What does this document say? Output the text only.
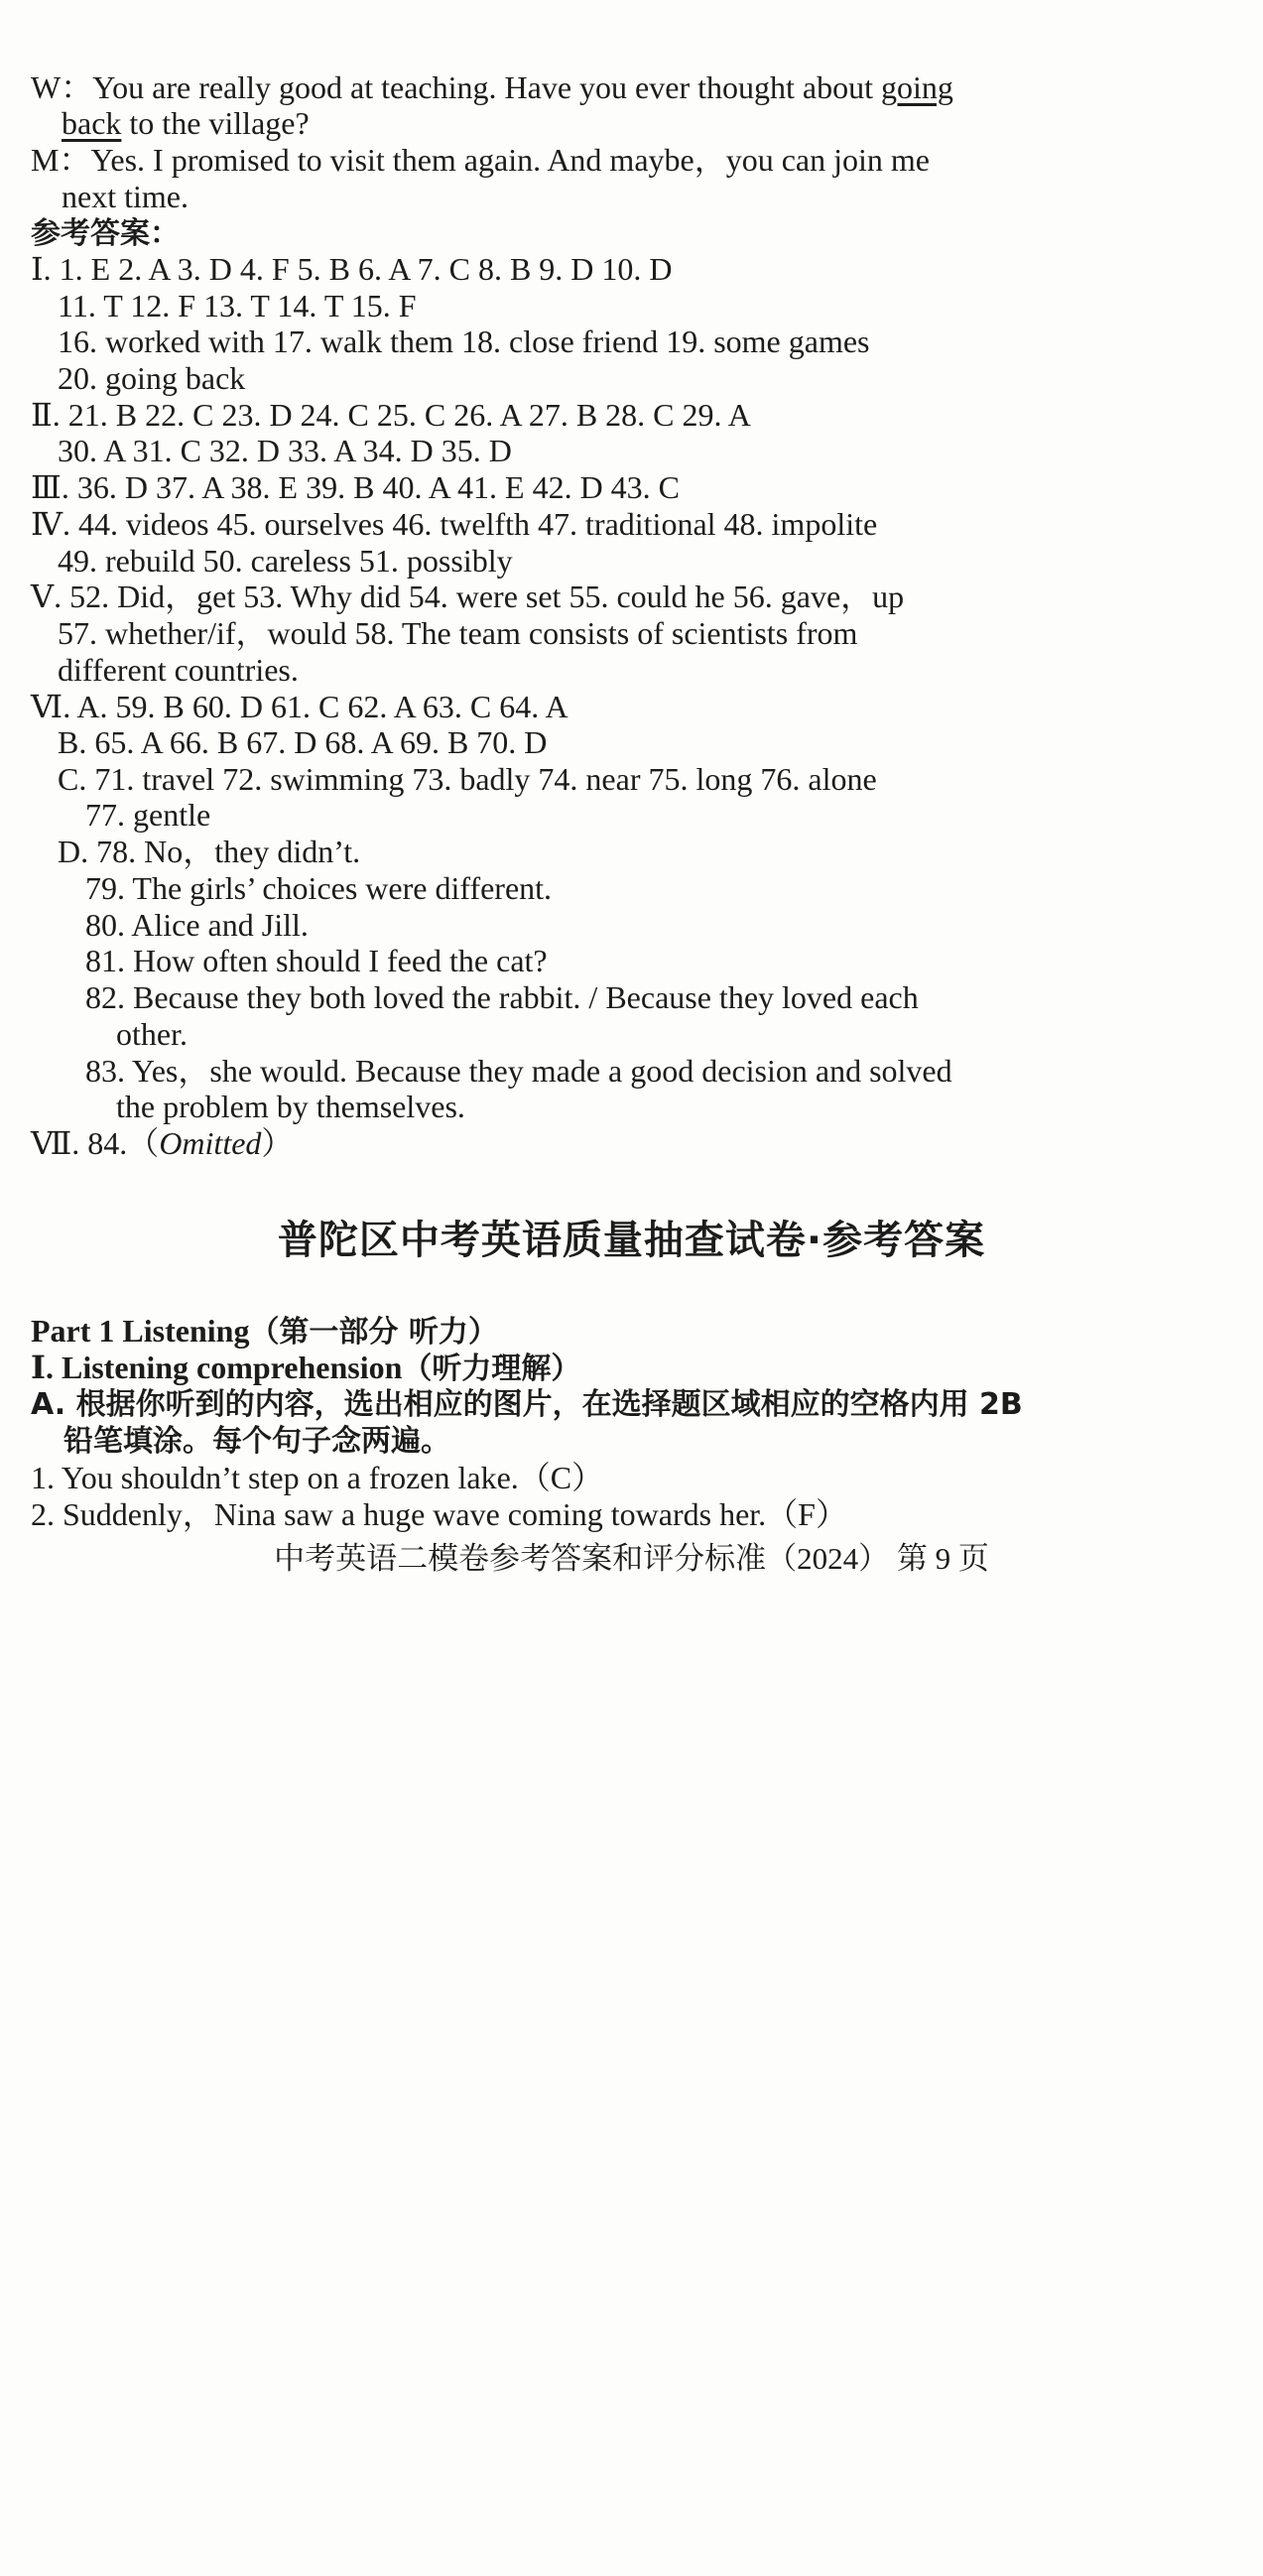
W：You are really good at teaching. Have you ever thought about going
back to the village?
M：Yes. I promised to visit them again. And maybe，you can join me
next time.
参考答案：
Ⅰ. 1. E 2. A 3. D 4. F 5. B 6. A 7. C 8. B 9. D 10. D
11. T 12. F 13. T 14. T 15. F
16. worked with 17. walk them 18. close friend 19. some games
20. going back
Ⅱ. 21. B 22. C 23. D 24. C 25. C 26. A 27. B 28. C 29. A
30. A 31. C 32. D 33. A 34. D 35. D
Ⅲ. 36. D 37. A 38. E 39. B 40. A 41. E 42. D 43. C
Ⅳ. 44. videos 45. ourselves 46. twelfth 47. traditional 48. impolite
49. rebuild 50. careless 51. possibly
Ⅴ. 52. Did，get 53. Why did 54. were set 55. could he 56. gave，up
57. whether/if，would 58. The team consists of scientists from
different countries.
Ⅵ. A. 59. B 60. D 61. C 62. A 63. C 64. A
B. 65. A 66. B 67. D 68. A 69. B 70. D
C. 71. travel 72. swimming 73. badly 74. near 75. long 76. alone
77. gentle
D. 78. No，they didn’t.
79. The girls’ choices were different.
80. Alice and Jill.
81. How often should I feed the cat?
82. Because they both loved the rabbit. / Because they loved each
other.
83. Yes，she would. Because they made a good decision and solved
the problem by themselves.
Ⅶ. 84.（Omitted）
普陀区中考英语质量抽查试卷·参考答案
Part 1 Listening（第一部分 听力）
Ⅰ. Listening comprehension（听力理解）
A. 根据你听到的内容，选出相应的图片，在选择题区域相应的空格内用 2B
铅笔填涂。每个句子念两遍。
1. You shouldn’t step on a frozen lake.（C）
2. Suddenly，Nina saw a huge wave coming towards her.（F）
中考英语二模卷参考答案和评分标准（2024） 第 9 页
